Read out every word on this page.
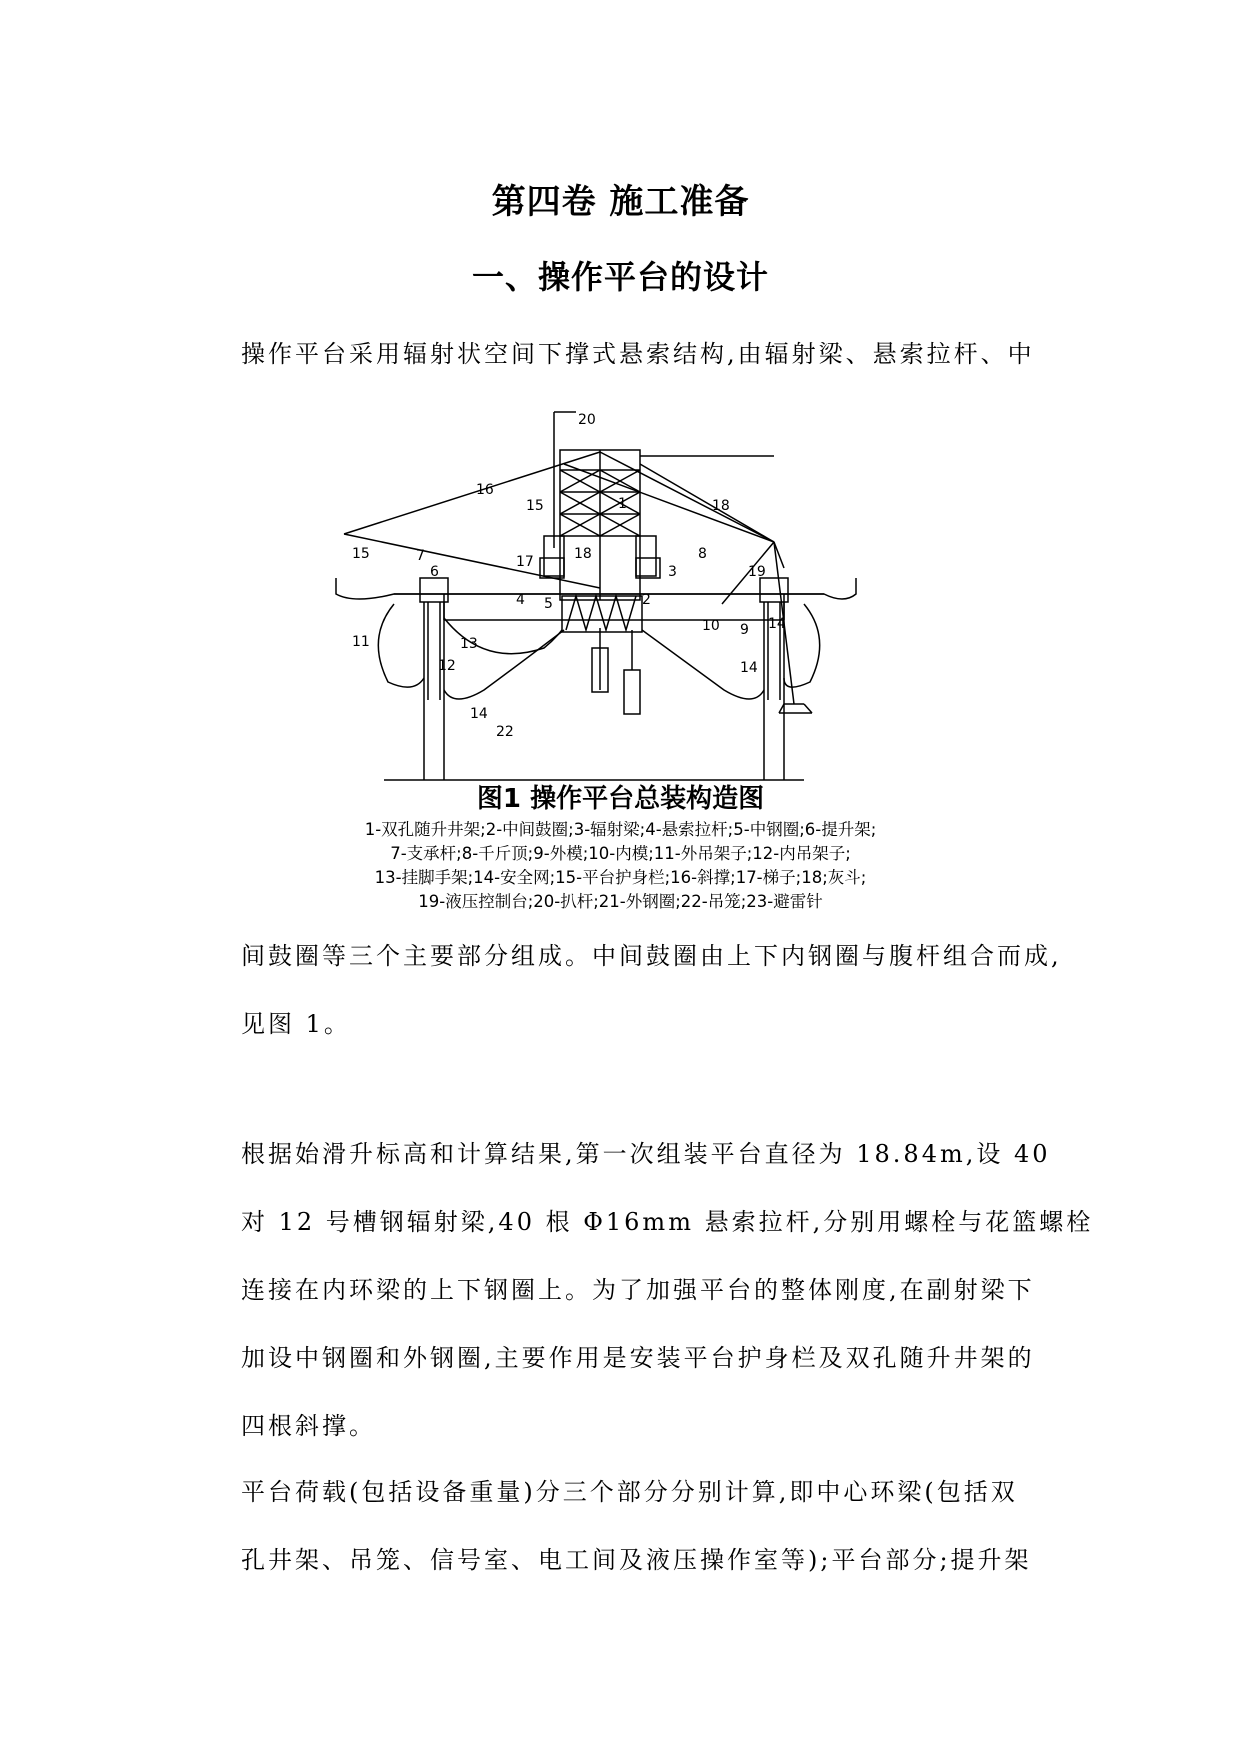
第四卷 施工准备
一、操作平台的设计
操作平台采用辐射状空间下撑式悬索结构,由辐射梁、悬索拉杆、中
20
16
15	1	18
15	7	17	18
3
8
19
6
4 5	2
14
10 9
11	13
12	14
14
22
图1 操作平台总装构造图
1-双孔随升井架;2-中间鼓圈;3-辐射梁;4-悬索拉杆;5-中钢圈;6-提升架;
7-支承杆;8-千斤顶;9-外模;10-内模;11-外吊架子;12-内吊架子;
13-挂脚手架;14-安全网;15-平台护身栏;16-斜撑;17-梯子;18;灰斗;
19-液压控制台;20-扒杆;21-外钢圈;22-吊笼;23-避雷针
间鼓圈等三个主要部分组成。中间鼓圈由上下内钢圈与腹杆组合而成,
见图 1。
根据始滑升标高和计算结果,第一次组装平台直径为 18.84m,设 40
对 12 号槽钢辐射梁,40 根 Φ16mm 悬索拉杆,分别用螺栓与花篮螺栓
连接在内环梁的上下钢圈上。为了加强平台的整体刚度,在副射梁下
加设中钢圈和外钢圈,主要作用是安装平台护身栏及双孔随升井架的
四根斜撑。
平台荷载(包括设备重量)分三个部分分别计算,即中心环梁(包括双
孔井架、吊笼、信号室、电工间及液压操作室等);平台部分;提升架
